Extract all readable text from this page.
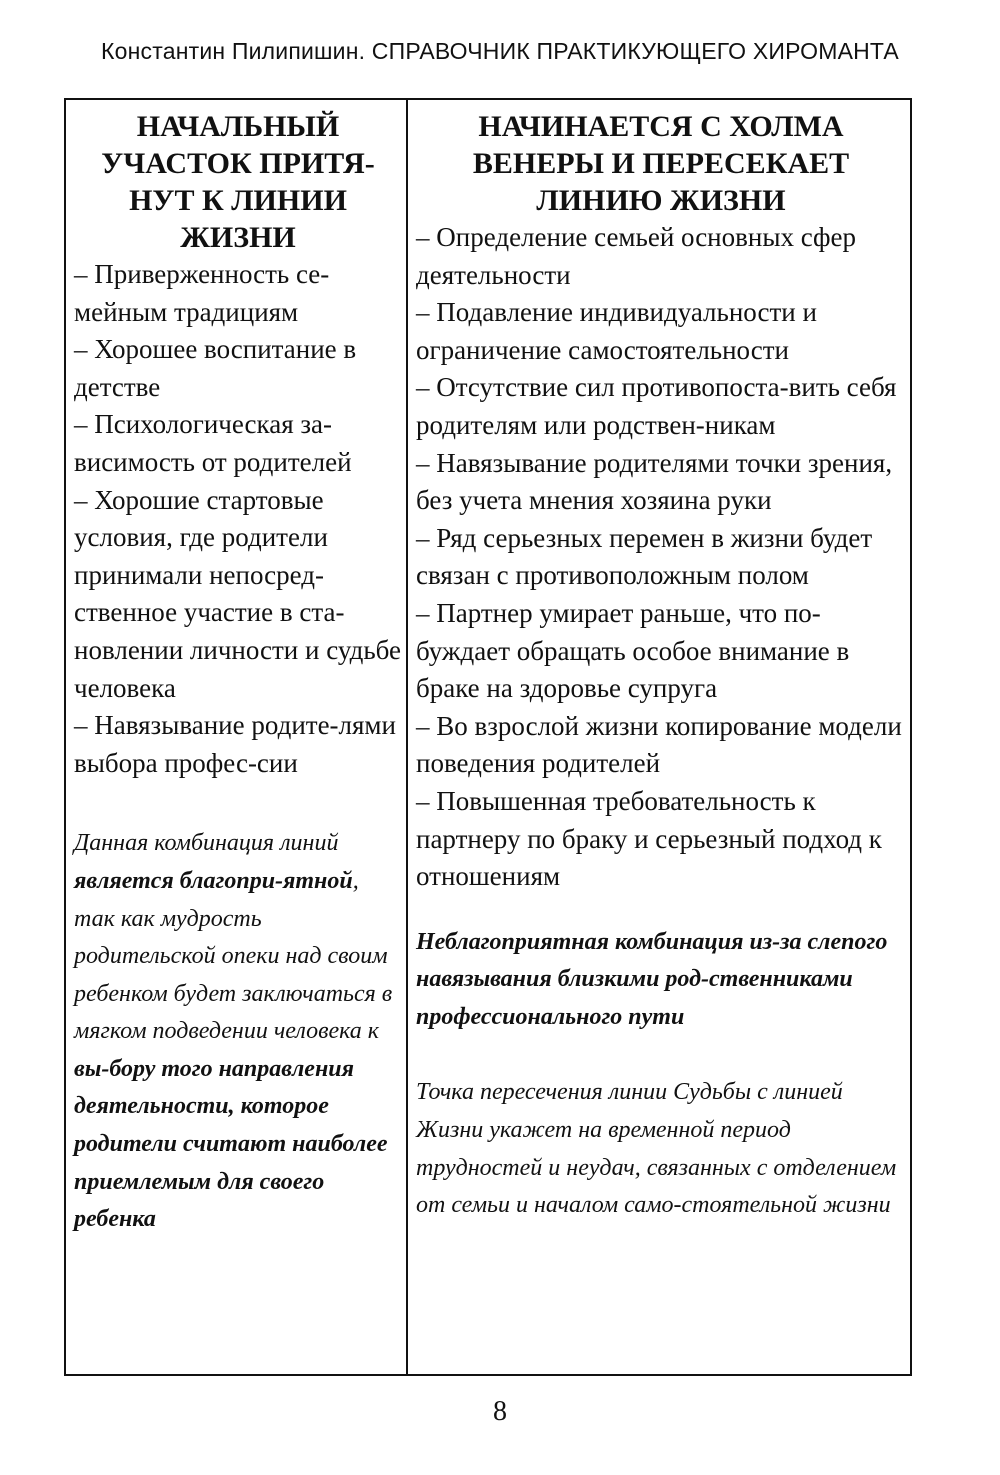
Константин Пилипишин. СПРАВОЧНИК ПРАКТИКУЮЩЕГО ХИРОМАНТА

НАЧАЛЬНЫЙ УЧАСТОК ПРИТЯ-НУТ К ЛИНИИ ЖИЗНИ

– Приверженность се-мейным традициям
– Хорошее воспитание в детстве
– Психологическая за-висимость от родителей
– Хорошие стартовые условия, где родители принимали непосред-ственное участие в ста-новлении личности и судьбе человека
– Навязывание родите-лями выбора профес-сии
Данная комбинация линий является благопри-ятной, так как мудрость родительской опеки над своим ребенком будет заключаться в мягком подведении человека к вы-бору того направления деятельности, которое родители считают наиболее приемлемым для своего ребенка

НАЧИНАЕТСЯ С ХОЛМА ВЕНЕРЫ И ПЕРЕСЕКАЕТ ЛИНИЮ ЖИЗНИ

– Определение семьей основных сфер деятельности
– Подавление индивидуальности и ограничение самостоятельности
– Отсутствие сил противопоста-вить себя родителям или родствен-никам
– Навязывание родителями точки зрения, без учета мнения хозяина руки
– Ряд серьезных перемен в жизни будет связан с противоположным полом
– Партнер умирает раньше, что по-буждает обращать особое внимание в браке на здоровье супруга
– Во взрослой жизни копирование модели поведения родителей
– Повышенная требовательность к партнеру по браку и серьезный подход к отношениям
Неблагоприятная комбинация из-за слепого навязывания близкими род-ственниками профессионального пути
Точка пересечения линии Судьбы с линией Жизни укажет на временной период трудностей и неудач, связанных с отделением от семьи и началом само-стоятельной жизни
8
